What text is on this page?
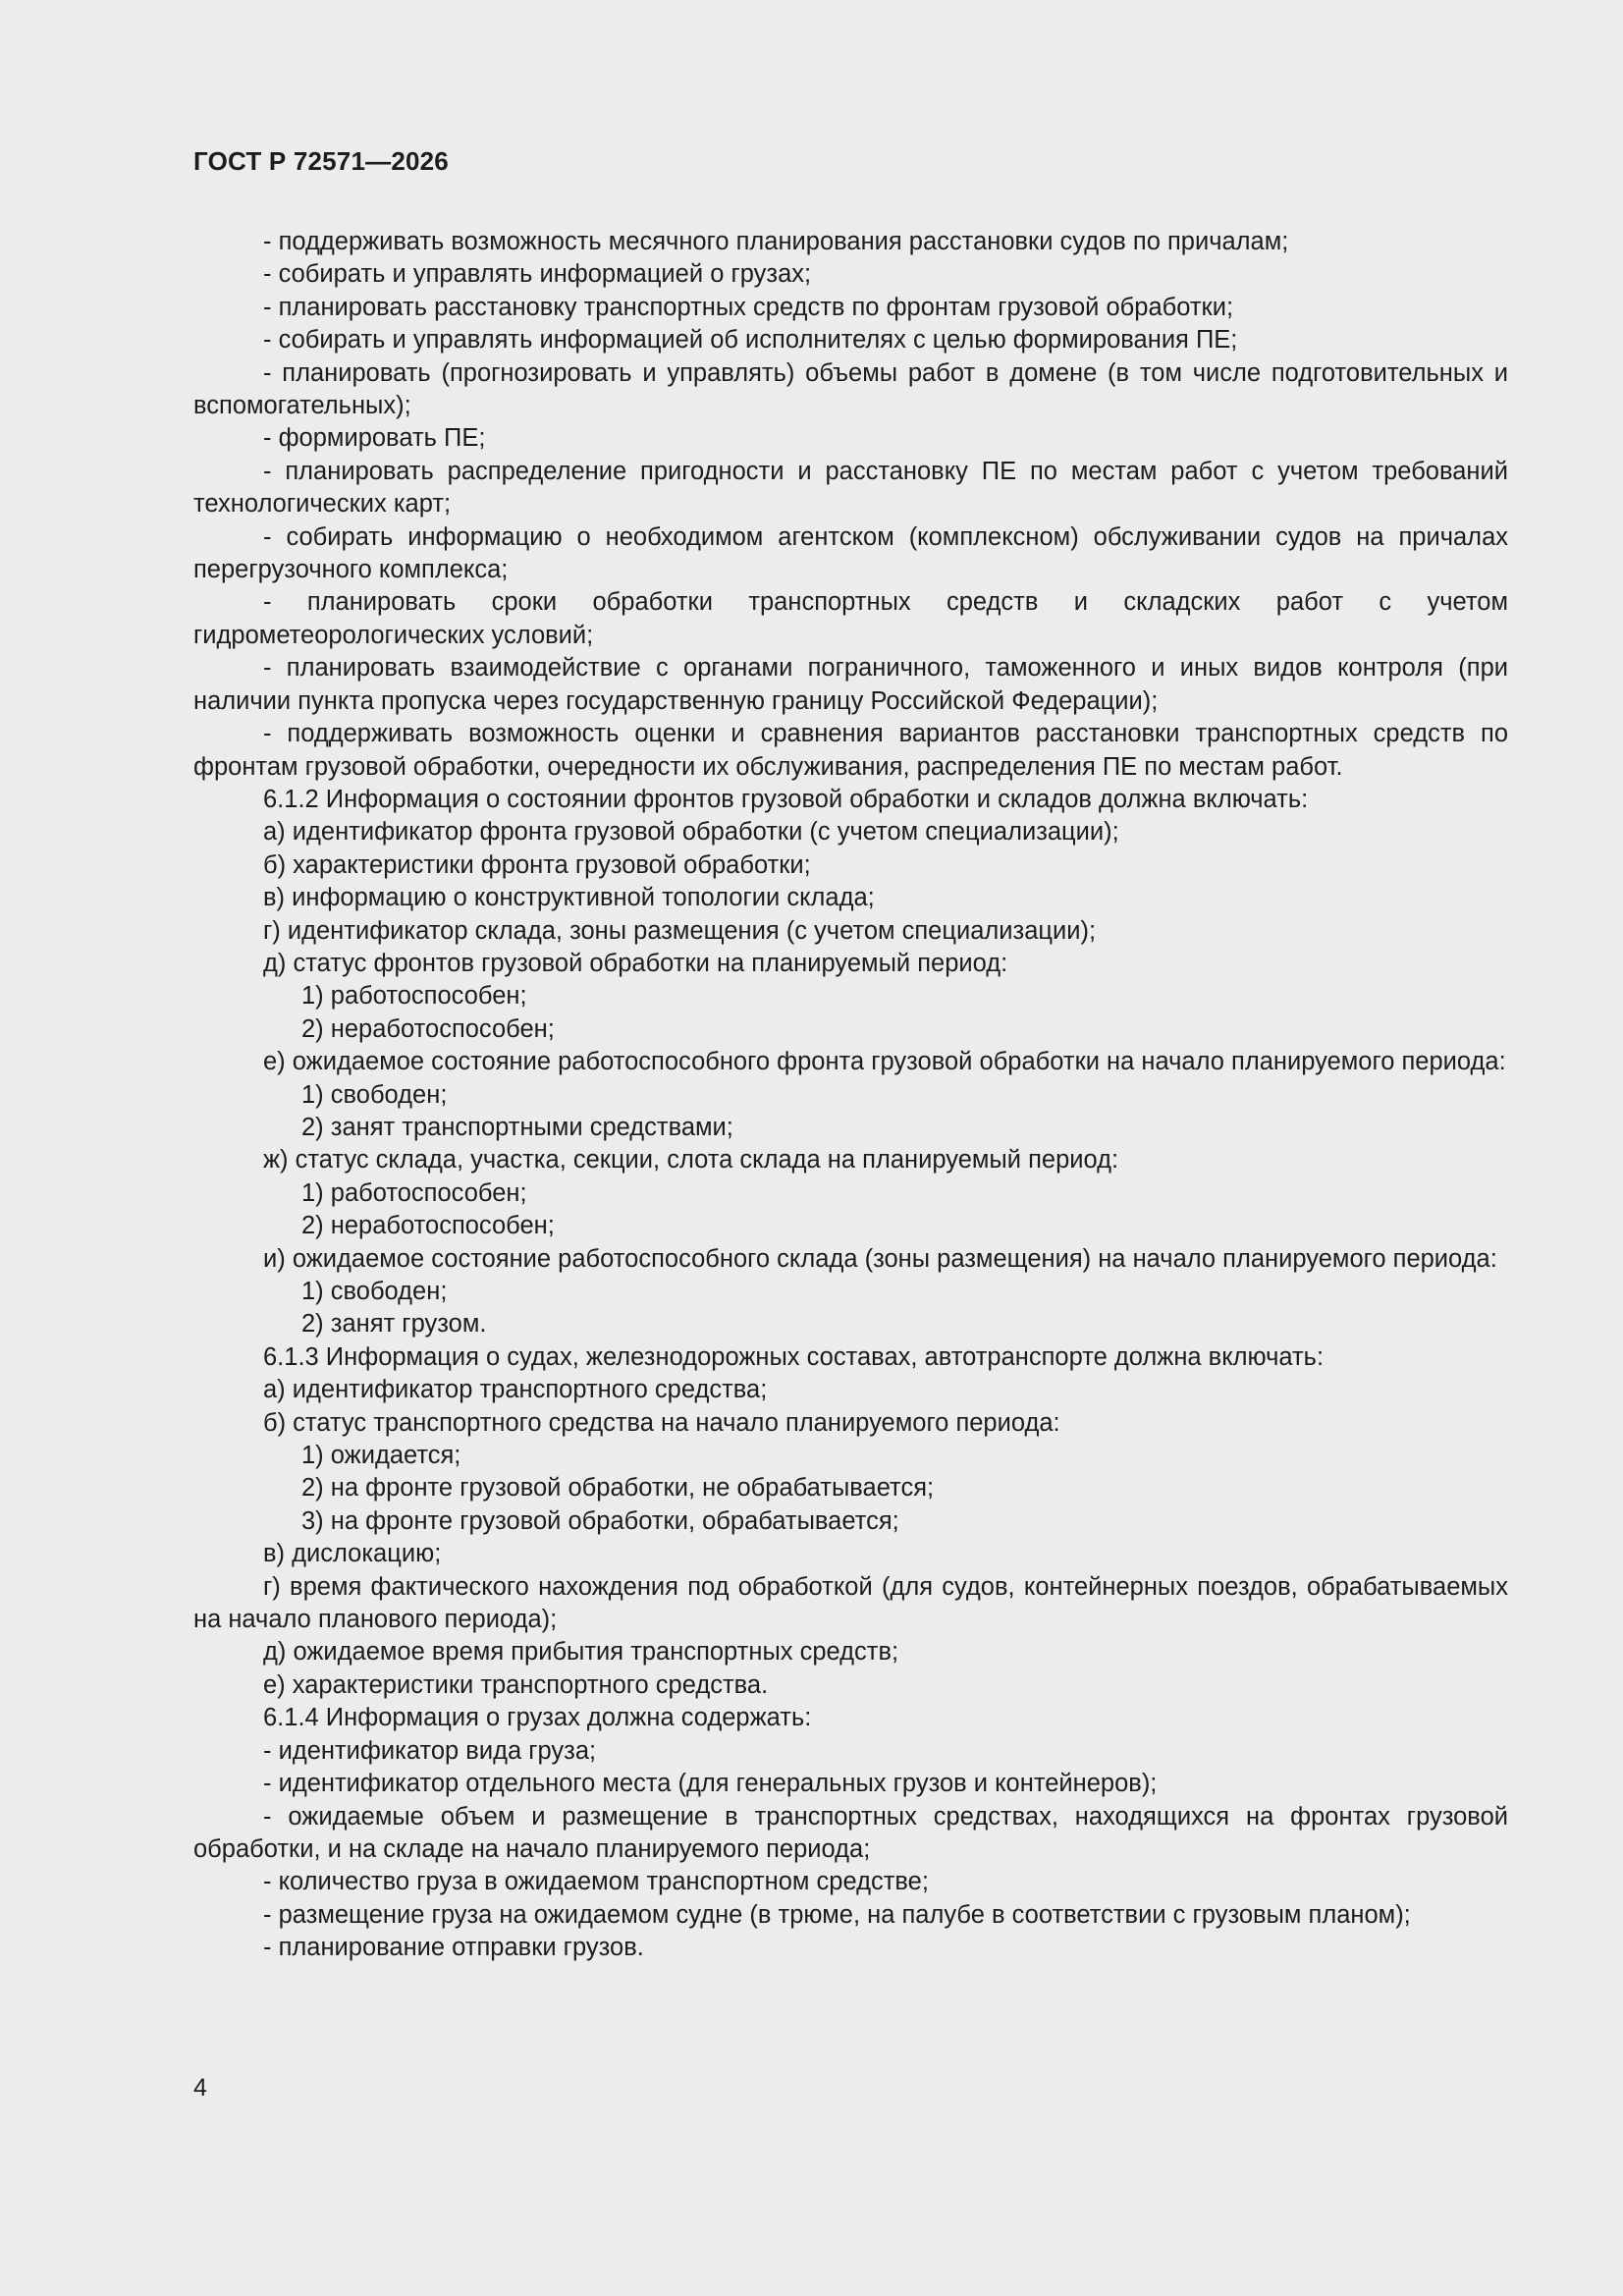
ГОСТ Р 72571—2026

- поддерживать возможность месячного планирования расстановки судов по причалам;

- собирать и управлять информацией о грузах;

- планировать расстановку транспортных средств по фронтам грузовой обработки;

- собирать и управлять информацией об исполнителях с целью формирования ПЕ;

- планировать (прогнозировать и управлять) объемы работ в домене (в том числе подготовительных и вспомогательных);

- формировать ПЕ;

- планировать распределение пригодности и расстановку ПЕ по местам работ с учетом требований технологических карт;

- собирать информацию о необходимом агентском (комплексном) обслуживании судов на причалах перегрузочного комплекса;

- планировать сроки обработки транспортных средств и складских работ с учетом гидрометеорологических условий;

- планировать взаимодействие с органами пограничного, таможенного и иных видов контроля (при наличии пункта пропуска через государственную границу Российской Федерации);

- поддерживать возможность оценки и сравнения вариантов расстановки транспортных средств по фронтам грузовой обработки, очередности их обслуживания, распределения ПЕ по местам работ.

6.1.2 Информация о состоянии фронтов грузовой обработки и складов должна включать:

а) идентификатор фронта грузовой обработки (с учетом специализации);

б) характеристики фронта грузовой обработки;

в) информацию о конструктивной топологии склада;

г) идентификатор склада, зоны размещения (с учетом специализации);

д) статус фронтов грузовой обработки на планируемый период:

1) работоспособен;

2) неработоспособен;

е) ожидаемое состояние работоспособного фронта грузовой обработки на начало планируемого периода:

1) свободен;

2) занят транспортными средствами;

ж) статус склада, участка, секции, слота склада на планируемый период:

1) работоспособен;

2) неработоспособен;

и) ожидаемое состояние работоспособного склада (зоны размещения) на начало планируемого периода:

1) свободен;

2) занят грузом.

6.1.3 Информация о судах, железнодорожных составах, автотранспорте должна включать:

а) идентификатор транспортного средства;

б) статус транспортного средства на начало планируемого периода:

1) ожидается;

2) на фронте грузовой обработки, не обрабатывается;

3) на фронте грузовой обработки, обрабатывается;

в) дислокацию;

г) время фактического нахождения под обработкой (для судов, контейнерных поездов, обрабатываемых на начало планового периода);

д) ожидаемое время прибытия транспортных средств;

е) характеристики транспортного средства.

6.1.4 Информация о грузах должна содержать:

- идентификатор вида груза;

- идентификатор отдельного места (для генеральных грузов и контейнеров);

- ожидаемые объем и размещение в транспортных средствах, находящихся на фронтах грузовой обработки, и на складе на начало планируемого периода;

- количество груза в ожидаемом транспортном средстве;

- размещение груза на ожидаемом судне (в трюме, на палубе в соответствии с грузовым планом);

- планирование отправки грузов.

4
